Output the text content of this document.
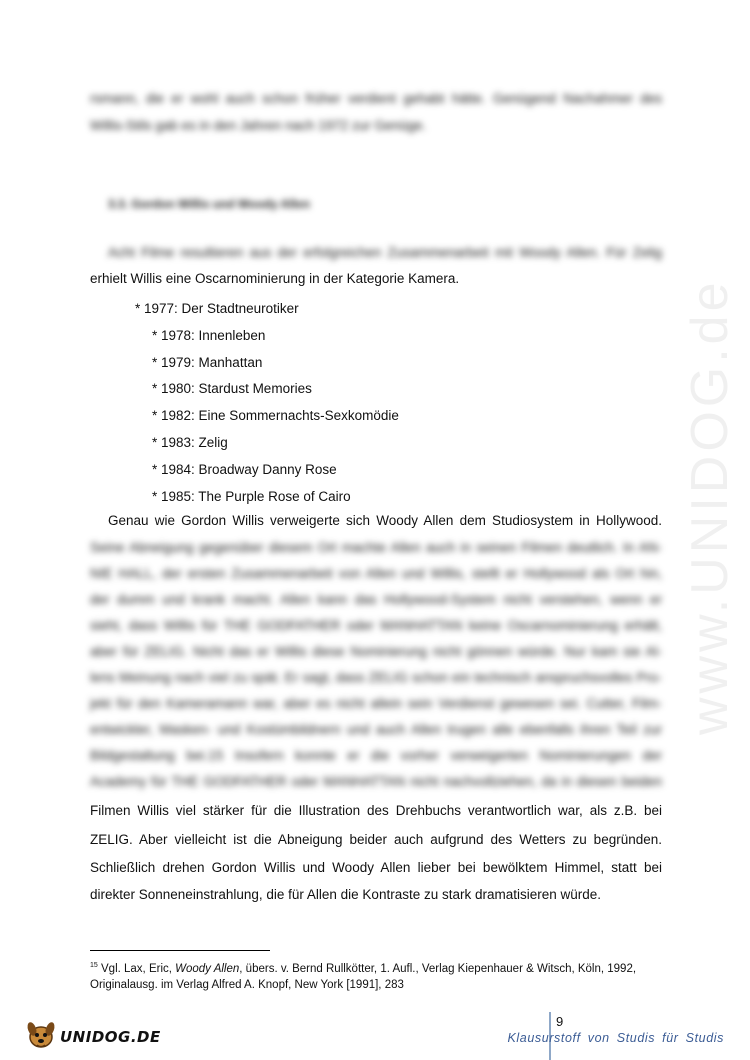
www.UNIDOG.de
rsmann, die er wohl auch schon früher verdient gehabt hätte. Genügend Nachahmer des
Willis-Stils gab es in den Jahren nach 1972 zur Genüge.
3.3. Gordon Willis und Woody Allen
Acht Filme resultieren aus der erfolgreichen Zusammenarbeit mit Woody Allen. Für Zelig
erhielt Willis eine Oscarnominierung in der Kategorie Kamera.
* 1977: Der Stadtneurotiker
* 1978: Innenleben
* 1979: Manhattan
* 1980: Stardust Memories
* 1982: Eine Sommernachts-Sexkomödie
* 1983: Zelig
* 1984: Broadway Danny Rose
* 1985: The Purple Rose of Cairo
Genau wie Gordon Willis verweigerte sich Woody Allen dem Studiosystem in Hollywood.
Seine Abneigung gegenüber diesem Ort machte Allen auch in seinen Filmen deutlich. In AN-
NIE HALL, der ersten Zusammenarbeit von Allen und Willis, stellt er Hollywood als Ort hin,
der dumm und krank macht. Allen kann das Hollywood-System nicht verstehen, wenn er
sieht, dass Willis für THE GODFATHER oder MANHATTAN keine Oscarnominierung erhält,
aber für ZELIG. Nicht das er Willis diese Nominierung nicht gönnen würde. Nur kam sie Al-
lens Meinung nach viel zu spät. Er sagt, dass ZELIG schon ein technisch anspruchsvolles Pro-
jekt für den Kameramann war, aber es nicht allein sein Verdienst gewesen sei. Cutter, Film-
entwickler, Masken- und Kostümbildnern und auch Allen trugen alle ebenfalls ihren Teil zur
Bildgestaltung bei.15 Insofern konnte er die vorher verweigerten Nominierungen der
Academy für THE GODFATHER oder MANHATTAN nicht nachvollziehen, da in diesen beiden
Filmen Willis viel stärker für die Illustration des Drehbuchs verantwortlich war, als z.B. bei
ZELIG. Aber vielleicht ist die Abneigung beider auch aufgrund des Wetters zu begründen.
Schließlich drehen Gordon Willis und Woody Allen lieber bei bewölktem Himmel, statt bei
direkter Sonneneinstrahlung, die für Allen die Kontraste zu stark dramatisieren würde.
$^{15}$ Vgl. Lax, Eric, Woody Allen, übers. v. Bernd Rullkötter, 1. Aufl., Verlag Kiepenhauer & Witsch, Köln, 1992,
Originalausg. im Verlag Alfred A. Knopf, New York [1991], 283
UNIDOG.DE
9
Klausurstoff von Studis für Studis
